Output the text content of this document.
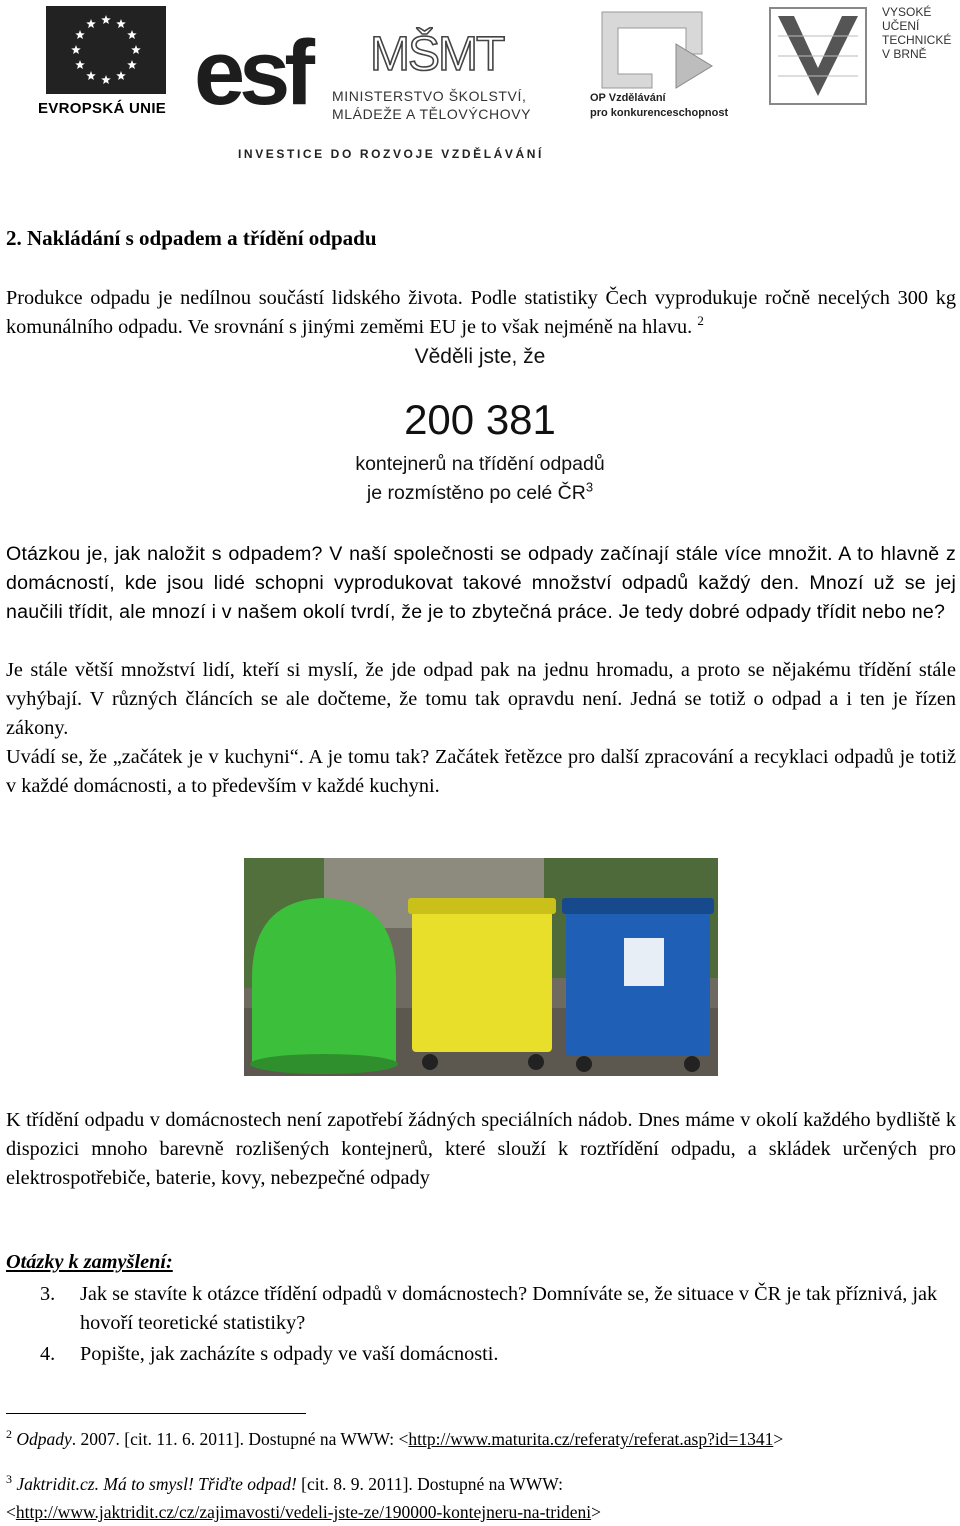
EVROPSKÁ UNIE esf MŠMT
MINISTERSTVO ŠKOLSTVÍ,
MLÁDEŽE A TĚLOVÝCHOVY
OP Vzdělávání
pro konkurenceschopnost
VYSOKÉ
UČENÍ
TECHNICKÉ
V BRNĚ
INVESTICE DO ROZVOJE VZDĚLÁVÁNÍ
2. Nakládání s odpadem a třídění odpadu
Produkce odpadu je nedílnou součástí lidského života. Podle statistiky Čech vyprodukuje ročně necelých 300 kg komunálního odpadu. Ve srovnání s jinými zeměmi EU je to však nejméně na hlavu. $^2$
Věděli jste, že
200 381
kontejnerů na třídění odpadů
je rozmístěno po celé $ČR^3$
Otázkou je, jak naložit s odpadem? V naší společnosti se odpady začínají stále více množit. A to hlavně z domácností, kde jsou lidé schopni vyprodukovat takové množství odpadů každý den. Mnozí už se jej naučili třídit, ale mnozí i v našem okolí tvrdí, že je to zbytečná práce. Je tedy dobré odpady třídit nebo ne?
Je stále větší množství lidí, kteří si myslí, že jde odpad pak na jednu hromadu, a proto se nějakému třídění stále vyhýbají. V různých článcích se ale dočteme, že tomu tak opravdu není. Jedná se totiž o odpad a i ten je řízen zákony.
Uvádí se, že „začátek je v kuchyni“. A je tomu tak? Začátek řetězce pro další zpracování a recyklaci odpadů je totiž v každé domácnosti, a to především v každé kuchyni.
K třídění odpadu v domácnostech není zapotřebí žádných speciálních nádob. Dnes máme v okolí každého bydliště k dispozici mnoho barevně rozlišených kontejnerů, které slouží k roztřídění odpadu, a skládek určených pro elektrospotřebiče, baterie, kovy, nebezpečné odpady
Otázky k zamyšlení:
3. Jak se stavíte k otázce třídění odpadů v domácnostech? Domníváte se, že situace v ČR je tak příznivá, jak hovoří teoretické statistiky?
4. Popište, jak zacházíte s odpady ve vaší domácnosti.
$^2$ Odpady. 2007. [cit. 11. 6. 2011]. Dostupné na WWW: <http://www.maturita.cz/referaty/referat.asp?id=1341>
$^3$ Jaktridit.cz. Má to smysl! Třiďte odpad! [cit. 8. 9. 2011]. Dostupné na WWW:
<http://www.jaktridit.cz/cz/zajimavosti/vedeli-jste-ze/190000-kontejneru-na-trideni>
